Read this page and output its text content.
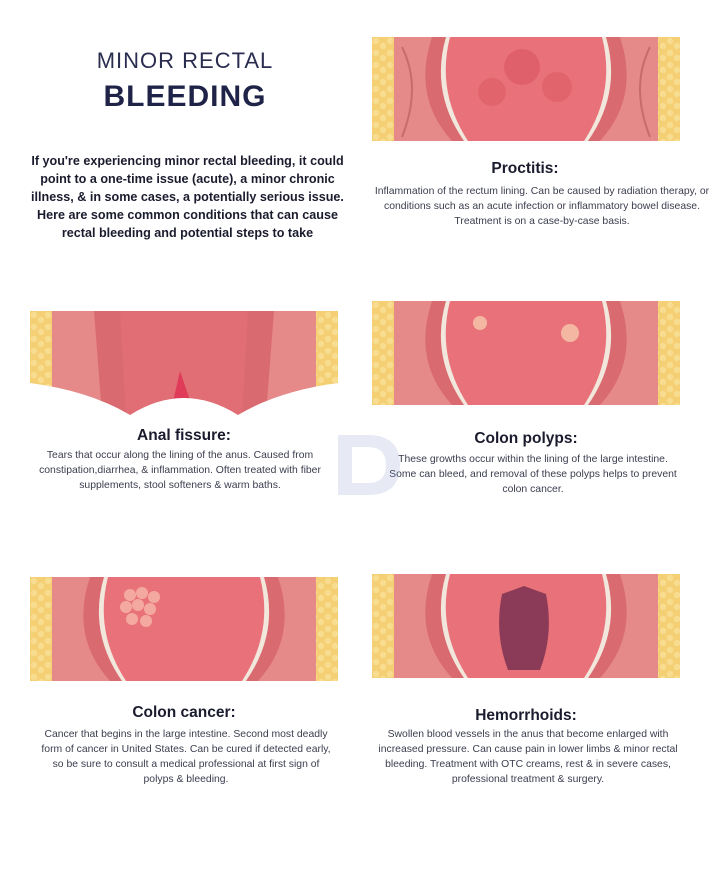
MINOR RECTAL
BLEEDING
If you're experiencing minor rectal bleeding, it could point to a one-time issue (acute), a minor chronic illness, & in some cases, a potentially serious issue. Here are some common conditions that can cause rectal bleeding and potential steps to take
Proctitis:
Inflammation of the rectum lining. Can be caused by radiation therapy, or conditions such as an acute infection or inflammatory bowel disease. Treatment is on a case-by-case basis.
Anal fissure:
Tears that occur along the lining of the anus. Caused from constipation,diarrhea, & inflammation. Often treated with fiber supplements, stool softeners & warm baths.
Colon polyps:
These growths occur within the lining of the large intestine. Some can bleed, and removal of these polyps helps to prevent colon cancer.
Colon cancer:
Cancer that begins in the large intestine. Second most deadly form of cancer in United States. Can be cured if detected early, so be sure to consult a medical professional at first sign of polyps & bleeding.
Hemorrhoids:
Swollen blood vessels in the anus that become enlarged with increased pressure. Can cause pain in lower limbs & minor rectal bleeding. Treatment with OTC creams, rest & in severe cases, professional treatment & surgery.
